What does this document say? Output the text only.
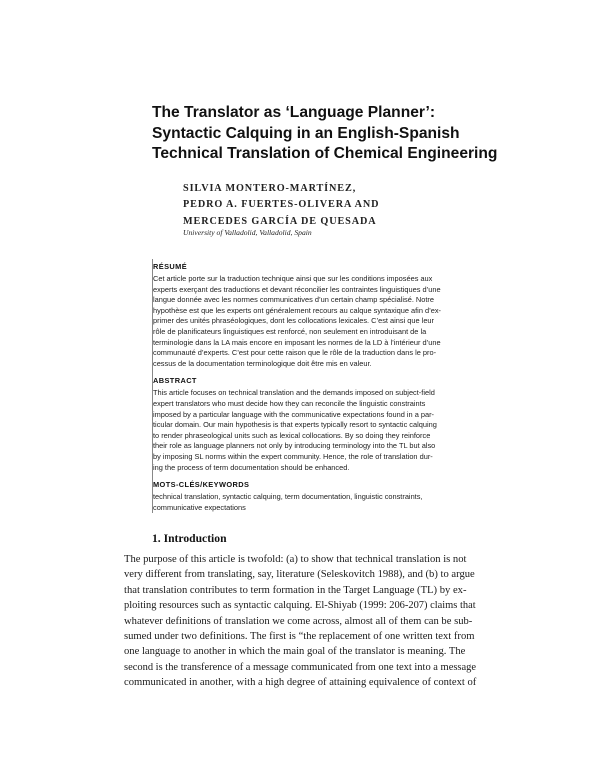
The Translator as ‘Language Planner’:
Syntactic Calquing in an English-Spanish
Technical Translation of Chemical Engineering
SILVIA MONTERO-MARTÍNEZ,
PEDRO A. FUERTES-OLIVERA AND
MERCEDES GARCÍA DE QUESADA
University of Valladolid, Valladolid, Spain
RÉSUMÉ
Cet article porte sur la traduction technique ainsi que sur les conditions imposées aux
experts exerçant des traductions et devant réconcilier les contraintes linguistiques d’une
langue donnée avec les normes communicatives d’un certain champ spécialisé. Notre
hypothèse est que les experts ont généralement recours au calque syntaxique afin d’ex-
primer des unités phraséologiques, dont les collocations lexicales. C’est ainsi que leur
rôle de planificateurs linguistiques est renforcé, non seulement en introduisant de la
terminologie dans la LA mais encore en imposant les normes de la LD à l’intérieur d’une
communauté d’experts. C’est pour cette raison que le rôle de la traduction dans le pro-
cessus de la documentation terminologique doit être mis en valeur.
ABSTRACT
This article focuses on technical translation and the demands imposed on subject-field
expert translators who must decide how they can reconcile the linguistic constraints
imposed by a particular language with the communicative expectations found in a par-
ticular domain. Our main hypothesis is that experts typically resort to syntactic calquing
to render phraseological units such as lexical collocations. By so doing they reinforce
their role as language planners not only by introducing terminology into the TL but also
by imposing SL norms within the expert community. Hence, the role of translation dur-
ing the process of term documentation should be enhanced.
MOTS-CLÉS/KEYWORDS
technical translation, syntactic calquing, term documentation, linguistic constraints,
communicative expectations
1. Introduction
The purpose of this article is twofold: (a) to show that technical translation is not
very different from translating, say, literature (Seleskovitch 1988), and (b) to argue
that translation contributes to term formation in the Target Language (TL) by ex-
ploiting resources such as syntactic calquing. El-Shiyab (1999: 206-207) claims that
whatever definitions of translation we come across, almost all of them can be sub-
sumed under two definitions. The first is “the replacement of one written text from
one language to another in which the main goal of the translator is meaning. The
second is the transference of a message communicated from one text into a message
communicated in another, with a high degree of attaining equivalence of context of
